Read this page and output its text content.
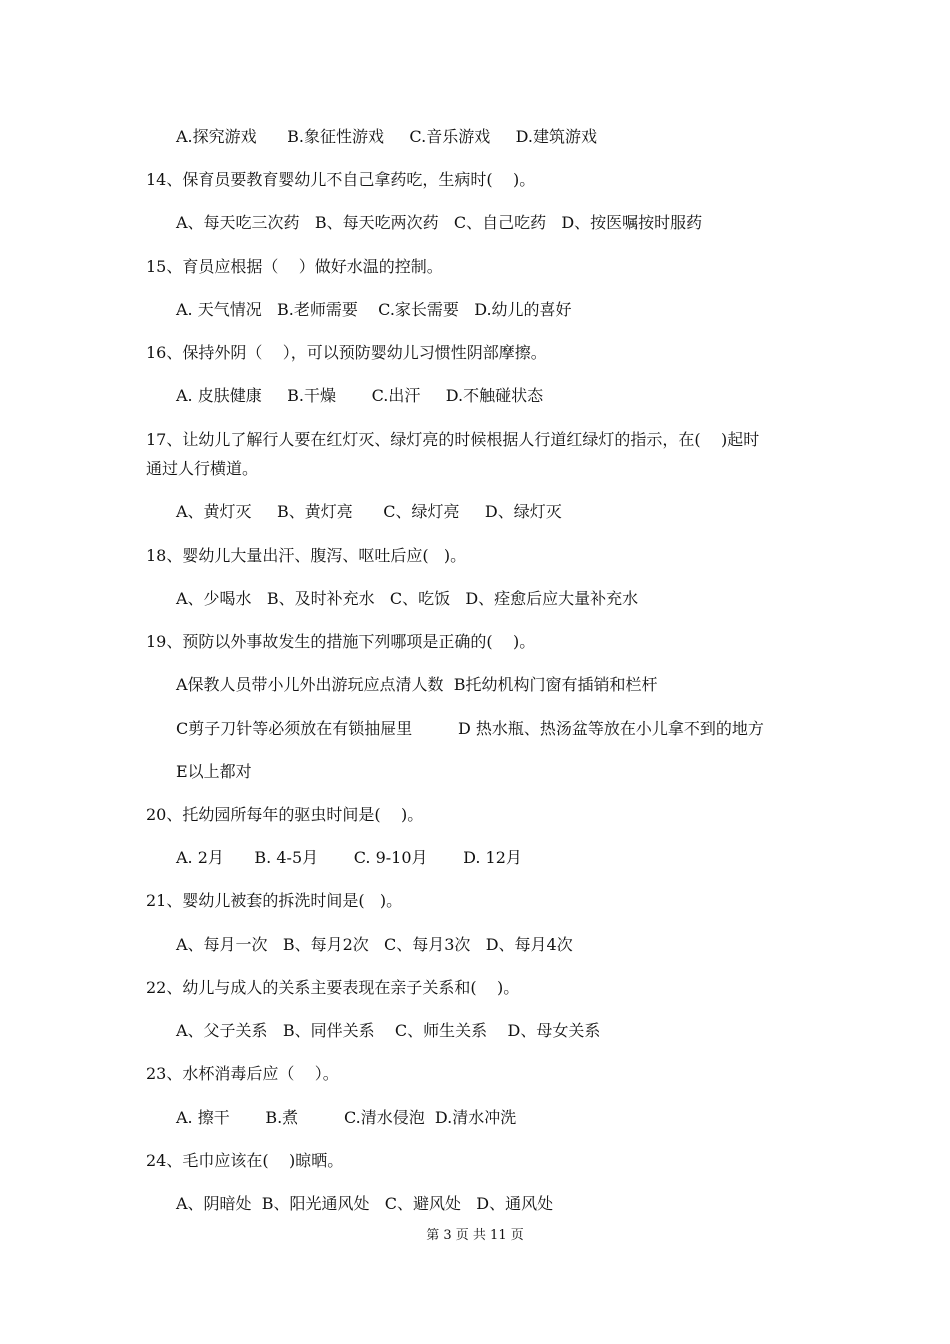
A.探究游戏      B.象征性游戏     C.音乐游戏     D.建筑游戏
14、保育员要教育婴幼儿不自己拿药吃，生病时(    )。
A、每天吃三次药   B、每天吃两次药   C、自己吃药   D、按医嘱按时服药
15、育员应根据（    ）做好水温的控制。
A. 天气情况   B.老师需要    C.家长需要   D.幼儿的喜好
16、保持外阴（    ），可以预防婴幼儿习惯性阴部摩擦。
A. 皮肤健康     B.干燥       C.出汗     D.不触碰状态
17、让幼儿了解行人要在红灯灭、绿灯亮的时候根据人行道红绿灯的指示，在(    )起时
通过人行横道。
A、黄灯灭     B、黄灯亮      C、绿灯亮     D、绿灯灭
18、婴幼儿大量出汗、腹泻、呕吐后应(   )。
A、少喝水   B、及时补充水   C、吃饭   D、痊愈后应大量补充水
19、预防以外事故发生的措施下列哪项是正确的(    )。
A保教人员带小儿外出游玩应点清人数  B托幼机构门窗有插销和栏杆
C剪子刀针等必须放在有锁抽屉里         D 热水瓶、热汤盆等放在小儿拿不到的地方
E以上都对
20、托幼园所每年的驱虫时间是(    )。
A. 2月      B. 4-5月       C. 9-10月       D. 12月
21、婴幼儿被套的拆洗时间是(   )。
A、每月一次   B、每月2次   C、每月3次   D、每月4次
22、幼儿与成人的关系主要表现在亲子关系和(    )。
A、父子关系   B、同伴关系    C、师生关系    D、母女关系
23、水杯消毒后应（    ）。
A. 擦干       B.煮         C.清水侵泡  D.清水冲洗
24、毛巾应该在(    )晾晒。
A、阴暗处  B、阳光通风处   C、避风处   D、通风处
第 3 页 共 11 页
